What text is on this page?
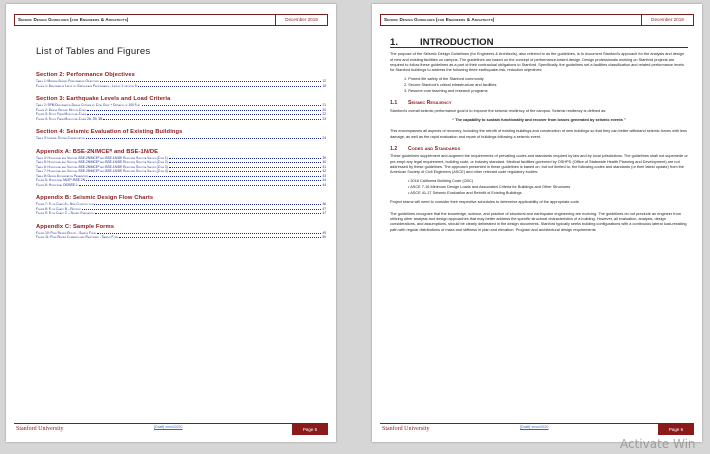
Seismic Design Guidelines (for Engineers & Architects)	December 2019
List of Tables and Figures
Section 2: Performance Objectives
Table 1: Minimum Seismic Performance Objectives	12
Figure 1: Deformation Limits vs. Earthquake Performance - Levels 1 through 5	16
Section 3: Earthquake Levels and Load Criteria
Table 2: SPM Deformation Design Criteria by Zone Over + Distance of 100 Feet	21
Figure 2: Design Ground Motion Zones	20
Figure 3: Stock Farm Monocline Zones	22
Figure 4: Stock Farm Monocline Zones 2A, 2B, 3B	23
Section 4: Seismic Evaluation of Existing Buildings
Table 3: Lateral System Classification	24
Appendix A: BSE-2N/MCEᴿ and BSE-1N/DE
Table 4: Horizontal and Vertical BSE-2N/MCEᴿ and BSE-1N/DE Response Spectra Values (Zone 1)	39
Table 5: Horizontal and Vertical BSE-2N/MCEᴿ and BSE-1N/DE Response Spectra Values (Zone 2)	40
Table 6: Horizontal and Vertical BSE-2N/MCEᴿ and BSE-1N/DE Response Spectra Values (Zone 3)	41
Table 7: Horizontal and Vertical BSE-2N/MCEᴿ and BSE-1N/DE Response Spectra Values (Zone 4)	42
Table 8: Design Acceleration Parameters	43
Figure 5: Horizontal MCEᴿ /BSE-2N	44
Figure 6: Horizontal DE/BSE-1	44
Appendix B: Seismic Design Flow Charts
Figure 7: Flow Chart A – New Construction	46
Figure 8: Flow Chart B – Retrofit	47
Figure 9: Flow Chart C – Seismic Evaluation	47
Appendix C: Sample Forms
Figure 10: Peer Review Report - Sample Form	49
Figure 11: Peer Review Comments and Responses - Sample Form	50
Stanford University	[Draft] xxxx/2020	Page 5
Seismic Design Guidelines (for Engineers & Architects)	December 2019
1.	INTRODUCTION
The purpose of the Seismic Design Guidelines (for Engineers & Architects), also referred to as the guidelines, is to document Stanford's approach for the analysis and design of new and existing facilities on campus. The guidelines are based on the concept of performance-based design. Design professionals working on Stanford projects are required to follow these guidelines as a part of their contractual obligations to Stanford. Specifically, the guidelines set a facilities classification and related performance levels for Stanford buildings to address the following three earthquake-risk, reduction objectives:
1. Protect life safety of the Stanford community
2. Secure Stanford's critical infrastructure and facilities
3. Resume core teaching and research programs
1.1	Seismic Resiliency
Stanford's overall seismic performance goal is to improve the seismic resiliency of the campus. Seismic resiliency is defined as:
“ The capability to sustain functionality and recover from losses generated by seismic events ”
This encompasses all aspects of recovery, including the retrofit of existing buildings and construction of new buildings so that they can better withstand seismic forces with less damage, as well as the rapid evaluation and repair of buildings following a seismic event.
1.2	Codes and Standards
These guidelines supplement and augment the requirements of prevailing codes and standards required by law and by local jurisdictions. The guidelines shall not supersede or pre-empt any legal requirement, building code, or industry standard. Medical facilities governed by OSHPD (Office of Statewide Health Planning and Development) are not addressed by these guidelines. The approach presented in these guidelines is based on, but not limited to, the following codes and standards (or their latest update) from the American Society of Civil Engineers (ASCE) and other relevant code regulatory bodies:
• 2016 California Building Code (CBC)
• ASCE 7-16 Minimum Design Loads and Associated Criteria for Buildings and Other Structures
• ASCE 41-17 Seismic Evaluation and Retrofit of Existing Buildings
Project teams will need to consider their respective schedules to determine applicability of the appropriate code.
The guidelines recognize that the knowledge, science, and practice of structural and earthquake engineering are evolving. The guidelines do not preclude an engineer from utilizing other analysis and design approaches that may better address the specific structural characteristics of a building. However, all evaluation, analysis, design considerations, and assumptions, should be clearly delineated in the design documents. Stanford typically seeks building configurations with a continuous lateral load-resisting path with regular distributions of mass and stiffness in plan and elevation. Program and architectural design requirements
Stanford University	[Draft] xxxx/2020	Page 6
Activate Win
